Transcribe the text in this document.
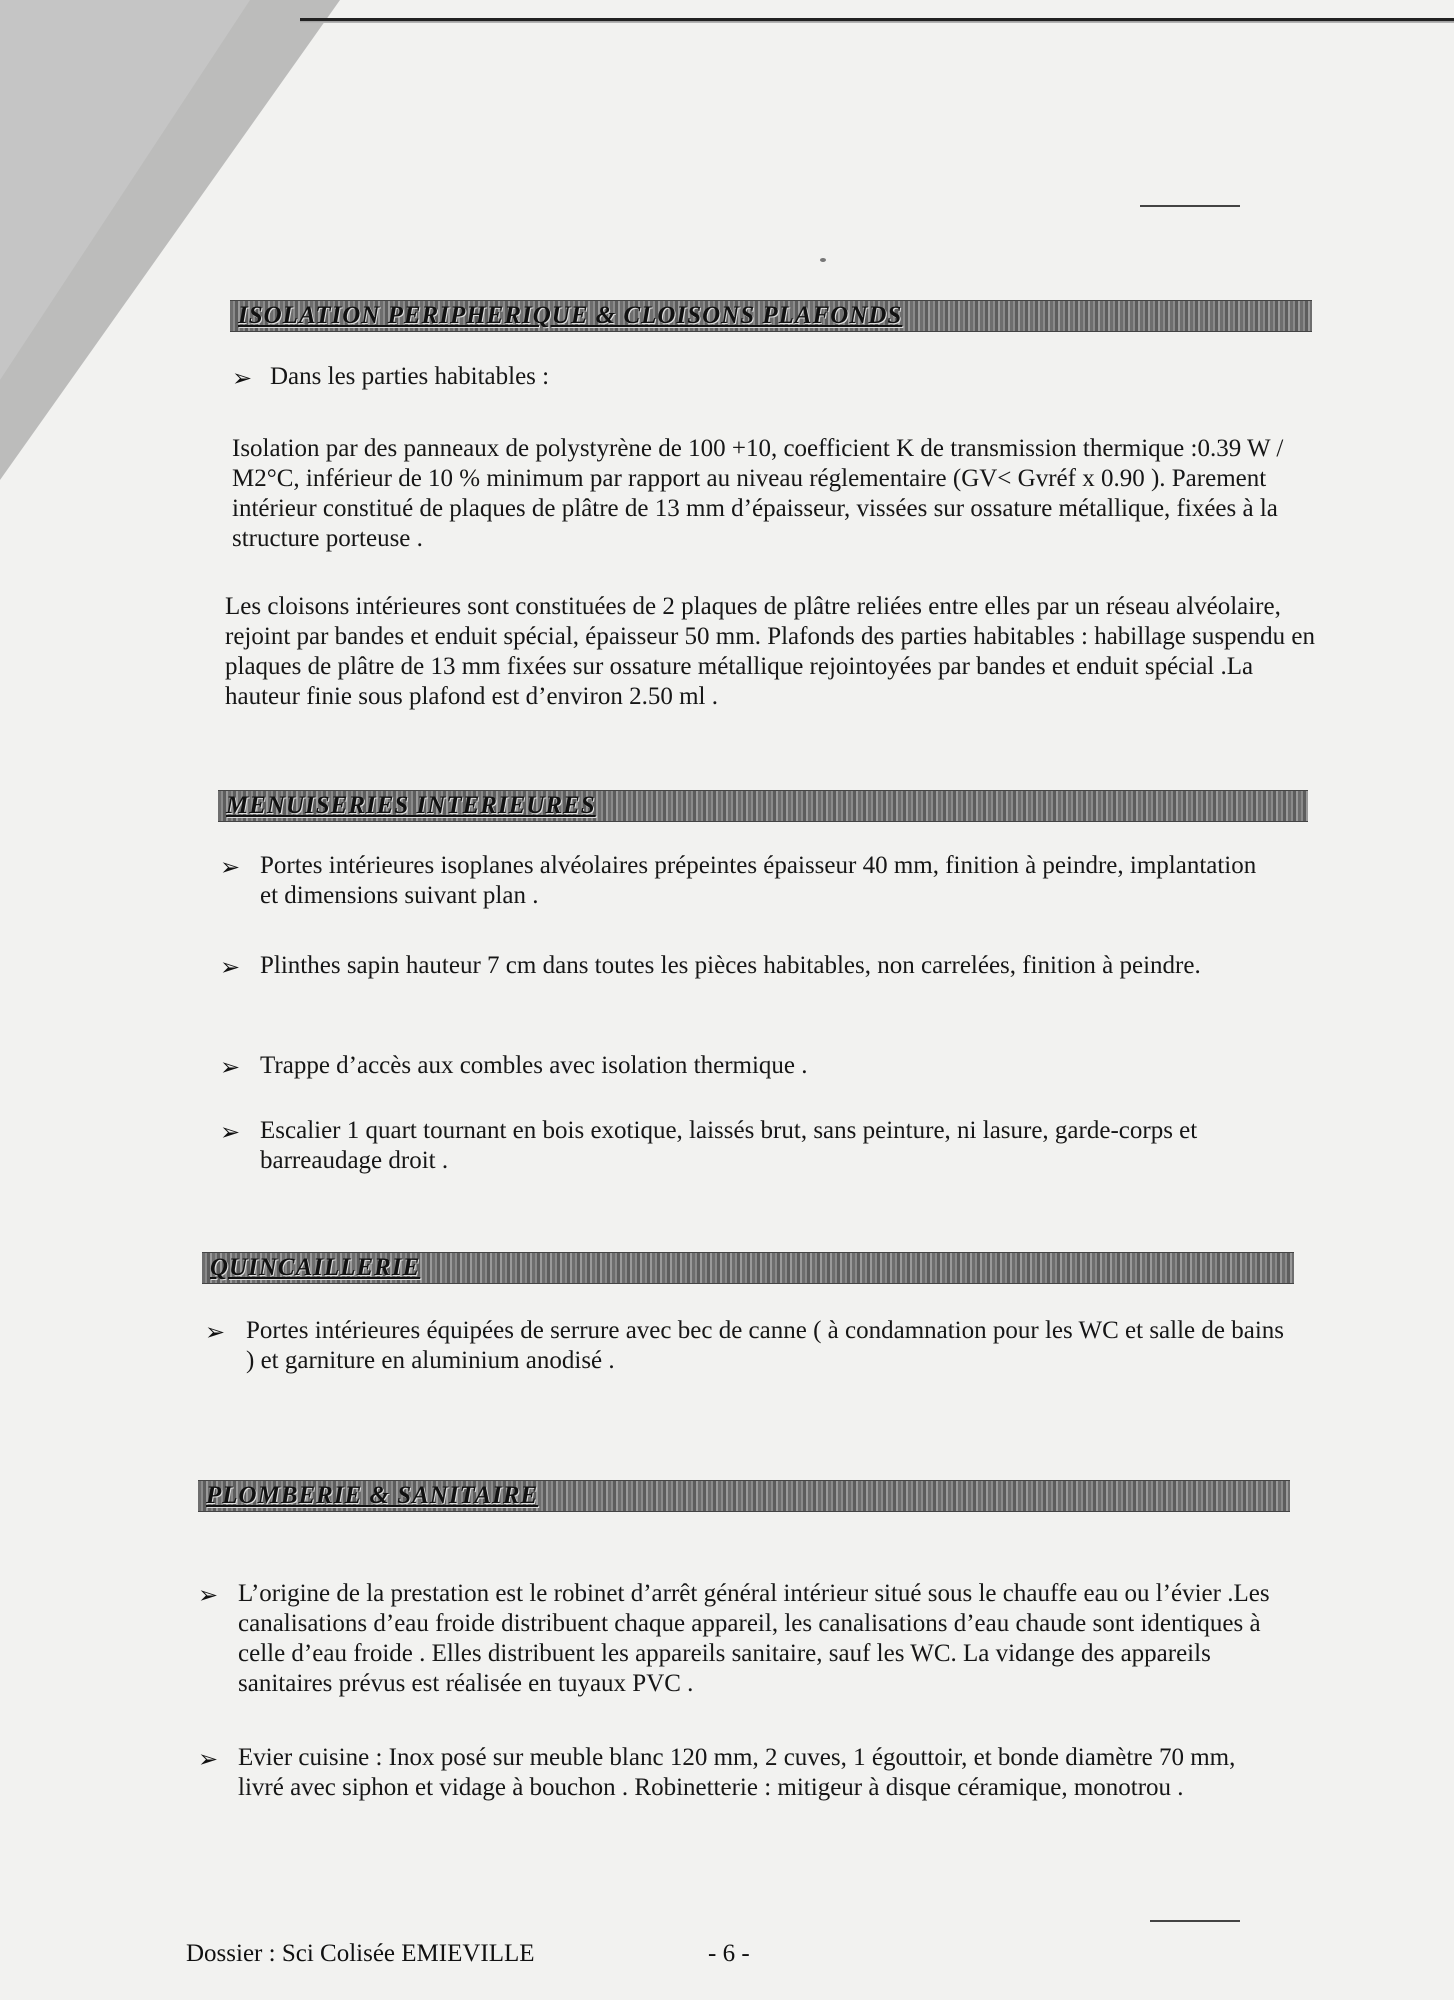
ISOLATION PERIPHERIQUE & CLOISONS PLAFONDS
➢ Dans les parties habitables :
Isolation par des panneaux de polystyrène de 100 +10, coefficient K de transmission thermique :0.39 W / M2°C, inférieur de 10 % minimum par rapport au niveau réglementaire (GV< Gvréf x 0.90 ). Parement intérieur constitué de plaques de plâtre de 13 mm d’épaisseur, vissées sur ossature métallique, fixées à la structure porteuse .
Les cloisons intérieures sont constituées de 2 plaques de plâtre reliées entre elles par un réseau alvéolaire, rejoint par bandes et enduit spécial, épaisseur 50 mm. Plafonds des parties habitables : habillage suspendu en plaques de plâtre de 13 mm fixées sur ossature métallique rejointoyées par bandes et enduit spécial .La hauteur finie sous plafond est d’environ 2.50 ml .
MENUISERIES INTERIEURES
➢ Portes intérieures isoplanes alvéolaires prépeintes épaisseur 40 mm, finition à peindre, implantation et dimensions suivant plan .
➢ Plinthes sapin hauteur 7 cm dans toutes les pièces habitables, non carrelées, finition à peindre.
➢ Trappe d’accès aux combles avec isolation thermique .
➢ Escalier 1 quart tournant en bois exotique, laissés brut, sans peinture, ni lasure, garde-corps et barreaudage droit .
QUINCAILLERIE
➢ Portes intérieures équipées de serrure avec bec de canne ( à condamnation pour les WC et salle de bains ) et garniture en aluminium anodisé .
PLOMBERIE & SANITAIRE
➢ L’origine de la prestation est le robinet d’arrêt général intérieur situé sous le chauffe eau ou l’évier .Les canalisations d’eau froide distribuent chaque appareil, les canalisations d’eau chaude sont identiques à celle d’eau froide . Elles distribuent les appareils sanitaire, sauf les WC. La vidange des appareils sanitaires prévus est réalisée en tuyaux PVC .
➢ Evier cuisine : Inox posé sur meuble blanc 120 mm, 2 cuves, 1 égouttoir, et bonde diamètre 70 mm, livré avec siphon et vidage à bouchon . Robinetterie : mitigeur à disque céramique, monotrou .
Dossier : Sci Colisée EMIEVILLE	- 6 -
